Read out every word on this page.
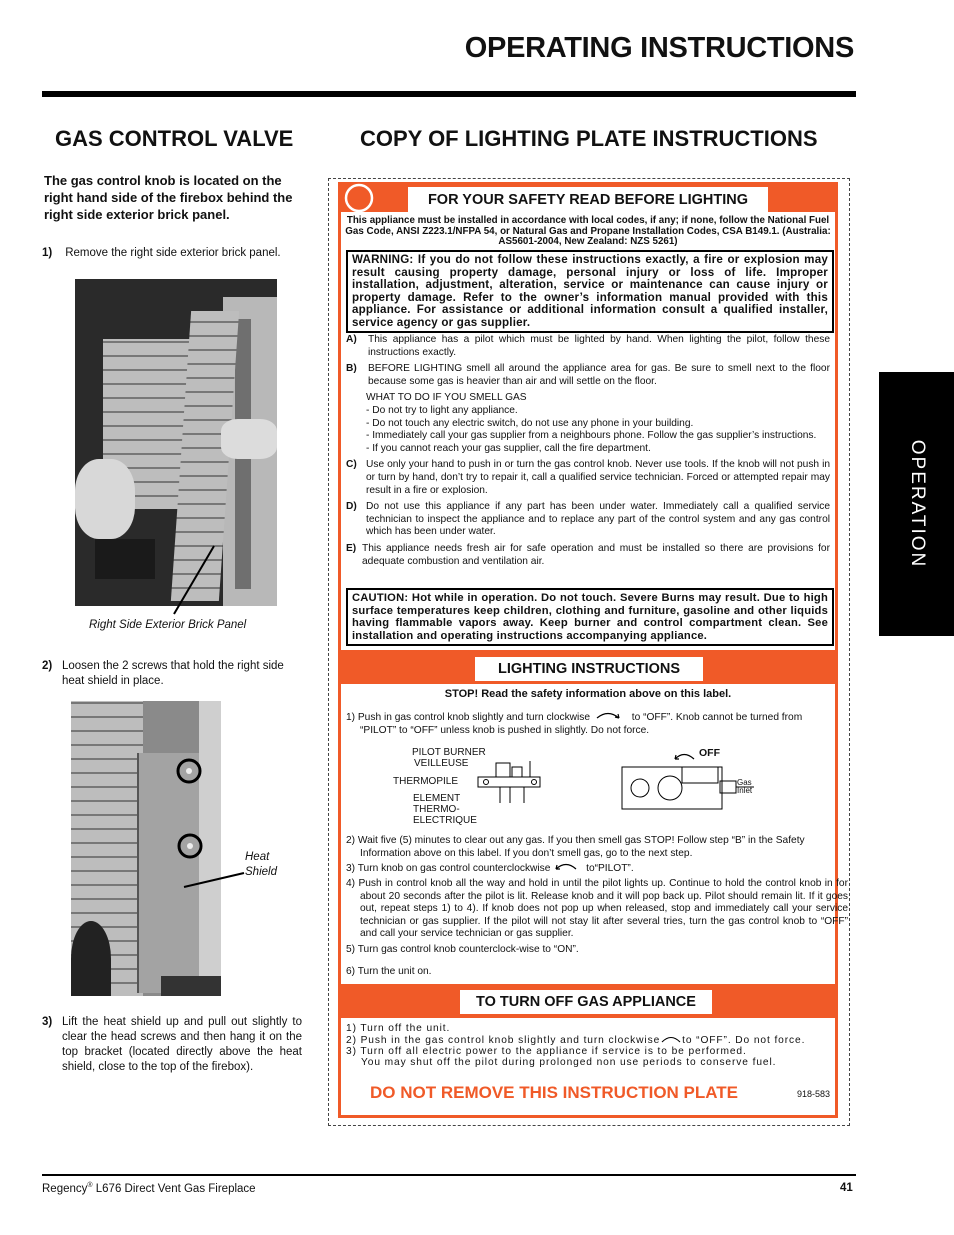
OPERATING INSTRUCTIONS
OPERATION
GAS CONTROL VALVE
The gas control knob is located on the right hand side of the firebox behind the right side exterior brick panel.
1) Remove the right side exterior brick panel.
Right Side Exterior Brick Panel
2) Loosen the 2 screws that hold the right side heat shield in place.
Heat
Shield
3) Lift the heat shield up and pull out slightly to clear the head screws and then hang it on the top bracket (located directly above the heat shield, close to the top of the firebox).
COPY OF LIGHTING PLATE INSTRUCTIONS
FOR YOUR SAFETY READ BEFORE LIGHTING
This appliance must be installed in accordance with local codes, if any; if none, follow the National Fuel Gas Code, ANSI Z223.1/NFPA 54, or Natural Gas and Propane Installation Codes, CSA B149.1. (Australia: AS5601-2004, New Zealand: NZS 5261)
WARNING: If you do not follow these instructions exactly, a fire or explosion may result causing property damage, personal injury or loss of life. Improper installation, adjustment, alteration, service or maintenance can cause injury or property damage. Refer to the owner’s information manual provided with this appliance. For assistance or additional information consult a qualified installer, service agency or gas supplier.
A)	This appliance has a pilot which must be lighted by hand. When lighting the pilot, follow these instructions exactly.
B)	BEFORE LIGHTING smell all around the appliance area for gas. Be sure to smell next to the floor because some gas is heavier than air and will settle on the floor.
WHAT TO DO IF YOU SMELL GAS
- Do not try to light any appliance.
- Do not touch any electric switch, do not use any phone in your building.
- Immediately call your gas supplier from a neighbours phone. Follow the gas supplier’s instructions.
- If you cannot reach your gas supplier, call the fire department.
C) Use only your hand to push in or turn the gas control knob. Never use tools. If the knob will not push in or turn by hand, don’t try to repair it, call a qualified service technician. Forced or attempted repair may result in a fire or explosion.
D) Do not use this appliance if any part has been under water. Immediately call a qualified service technician to inspect the appliance and to replace any part of the control system and any gas control which has been under water.
E) This appliance needs fresh air for safe operation and must be installed so there are provisions for adequate combustion and ventilation air.
CAUTION: Hot while in operation. Do not touch. Severe Burns may result. Due to high surface temperatures keep children, clothing and furniture, gasoline and other liquids having flammable vapors away. Keep burner and control compartment clean. See installation and operating instructions accompanying appliance.
LIGHTING INSTRUCTIONS
STOP! Read the safety information above on this label.
1) Push in gas control knob slightly and turn clockwise	to “OFF”. Knob cannot be turned from
“PILOT” to “OFF” unless knob is pushed in slightly. Do not force.
PILOT BURNER
VEILLEUSE
THERMOPILE
ELEMENT
THERMO-
ELECTRIQUE
OFF
Gas
Inlet
2) Wait five (5) minutes to clear out any gas. If you then smell gas STOP! Follow step “B” in the Safety Information above on this label. If you don’t smell gas, go to the next step.
3) Turn knob on gas control counterclockwise	to“PILOT”.
4) Push in control knob all the way and hold in until the pilot lights up. Continue to hold the control knob in for about 20 seconds after the pilot is lit. Release knob and it will pop back up. Pilot should remain lit. If it goes out, repeat steps 1) to 4). If knob does not pop up when released, stop and immediately call your service technician or gas supplier. If the pilot will not stay lit after several tries, turn the gas control knob to “OFF” and call your service technician or gas supplier.
5) Turn gas control knob counterclock-wise to “ON”.
6) Turn the unit on.
TO TURN OFF GAS APPLIANCE
1) Turn off the unit.
2) Push in the gas control knob slightly and turn clockwise to “OFF”. Do not force.
3) Turn off all electric power to the appliance if service is to be performed.
You may shut off the pilot during prolonged non use periods to conserve fuel.
DO NOT REMOVE THIS INSTRUCTION PLATE	918-583
Regency® L676 Direct Vent Gas Fireplace	41
